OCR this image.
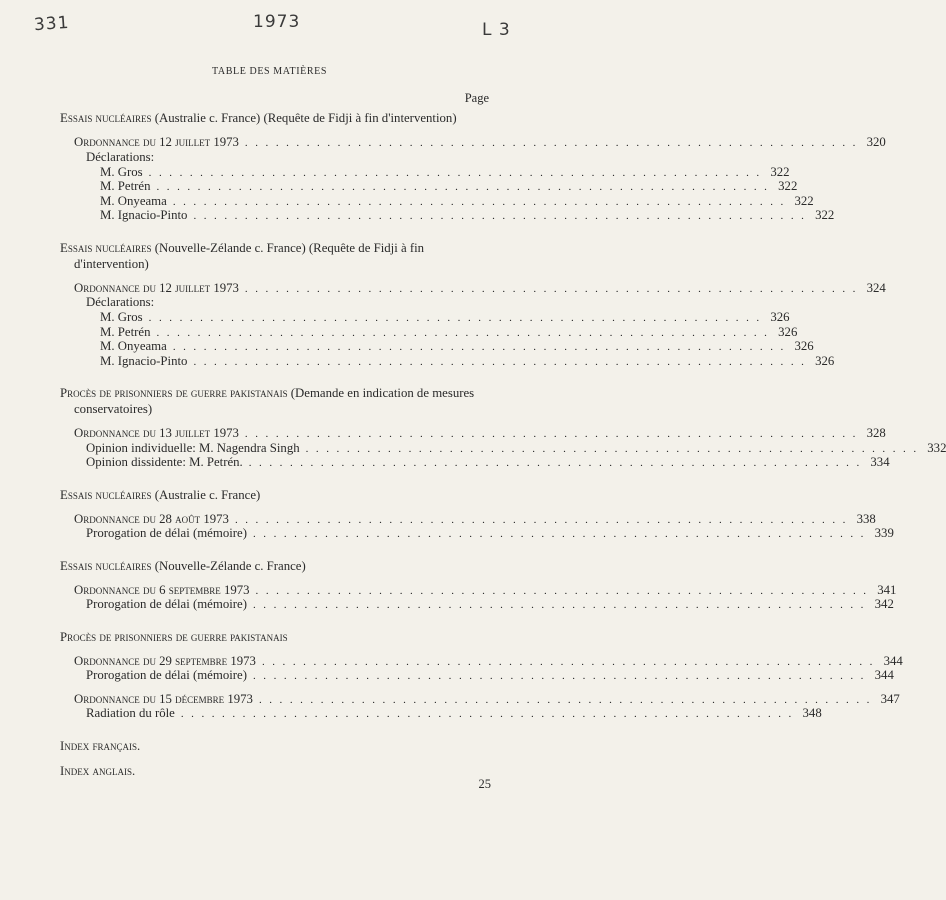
331	1973	L 3
TABLE DES MATIÈRES
Page
Essais nucléaires (Australie c. France) (Requête de Fidji à fin d'intervention)
Ordonnance du 12 juillet 1973 . . . . . . . . . . . . . . . . . . . . . . . . . . . . . . . . . . . . . . . . . . . . . . . . . . . . . . . . . . . . 320
Déclarations:
M. Gros . . . . . . . . . . . . . . . . . . . . . . . . . . . . . . . . . . . . . . . . . . . . . . . . . . . . . . . . . . . . 322
M. Petrén . . . . . . . . . . . . . . . . . . . . . . . . . . . . . . . . . . . . . . . . . . . . . . . . . . . . . . . . . . . . 322
M. Onyeama . . . . . . . . . . . . . . . . . . . . . . . . . . . . . . . . . . . . . . . . . . . . . . . . . . . . . . . . . . . . 322
M. Ignacio-Pinto . . . . . . . . . . . . . . . . . . . . . . . . . . . . . . . . . . . . . . . . . . . . . . . . . . . . . . . . . . . . 322
Essais nucléaires (Nouvelle-Zélande c. France) (Requête de Fidji à fin d'intervention)
Ordonnance du 12 juillet 1973 . . . . . . . . . . . . . . . . . . . . . . . . . . . . . . . . . . . . . . . . . . . . . . . . . . . . . . . . . . . . 324
Déclarations:
M. Gros . . . . . . . . . . . . . . . . . . . . . . . . . . . . . . . . . . . . . . . . . . . . . . . . . . . . . . . . . . . . 326
M. Petrén . . . . . . . . . . . . . . . . . . . . . . . . . . . . . . . . . . . . . . . . . . . . . . . . . . . . . . . . . . . . 326
M. Onyeama . . . . . . . . . . . . . . . . . . . . . . . . . . . . . . . . . . . . . . . . . . . . . . . . . . . . . . . . . . . . 326
M. Ignacio-Pinto . . . . . . . . . . . . . . . . . . . . . . . . . . . . . . . . . . . . . . . . . . . . . . . . . . . . . . . . . . . . 326
Procès de prisonniers de guerre pakistanais (Demande en indication de mesures conservatoires)
Ordonnance du 13 juillet 1973 . . . . . . . . . . . . . . . . . . . . . . . . . . . . . . . . . . . . . . . . . . . . . . . . . . . . . . . . . . . . 328
Opinion individuelle: M. Nagendra Singh . . . . . . . . . . . . . . . . . . . . . . . . . . . . . . . . . . . . . . . . . . . . . . . . . . . . . . . . . . . . 332
Opinion dissidente: M. Petrén. . . . . . . . . . . . . . . . . . . . . . . . . . . . . . . . . . . . . . . . . . . . . . . . . . . . . . . . . . . . . 334
Essais nucléaires (Australie c. France)
Ordonnance du 28 août 1973 . . . . . . . . . . . . . . . . . . . . . . . . . . . . . . . . . . . . . . . . . . . . . . . . . . . . . . . . . . . . 338
Prorogation de délai (mémoire) . . . . . . . . . . . . . . . . . . . . . . . . . . . . . . . . . . . . . . . . . . . . . . . . . . . . . . . . . . . . 339
Essais nucléaires (Nouvelle-Zélande c. France)
Ordonnance du 6 septembre 1973 . . . . . . . . . . . . . . . . . . . . . . . . . . . . . . . . . . . . . . . . . . . . . . . . . . . . . . . . . . . . 341
Prorogation de délai (mémoire) . . . . . . . . . . . . . . . . . . . . . . . . . . . . . . . . . . . . . . . . . . . . . . . . . . . . . . . . . . . . 342
Procès de prisonniers de guerre pakistanais
Ordonnance du 29 septembre 1973 . . . . . . . . . . . . . . . . . . . . . . . . . . . . . . . . . . . . . . . . . . . . . . . . . . . . . . . . . . . . 344
Prorogation de délai (mémoire) . . . . . . . . . . . . . . . . . . . . . . . . . . . . . . . . . . . . . . . . . . . . . . . . . . . . . . . . . . . . 344
Ordonnance du 15 décembre 1973 . . . . . . . . . . . . . . . . . . . . . . . . . . . . . . . . . . . . . . . . . . . . . . . . . . . . . . . . . . . . 347
Radiation du rôle . . . . . . . . . . . . . . . . . . . . . . . . . . . . . . . . . . . . . . . . . . . . . . . . . . . . . . . . . . . . 348
Index français.
Index anglais.
25
